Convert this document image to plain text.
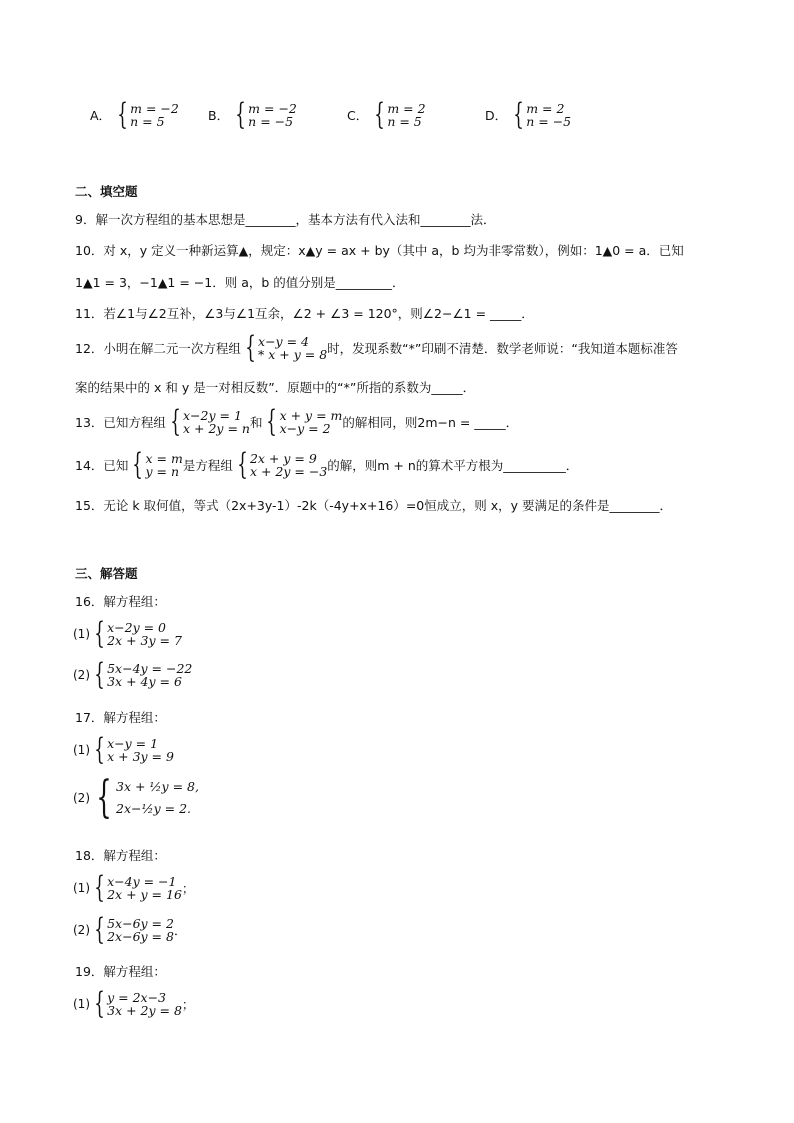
A． { m = −2
n = 5	B． { m = −2
n = −5	C． { m = 2
n = 5	D． { m = 2
n = −5
二、填空题
9．解一次方程组的基本思想是________，基本方法有代入法和________法．
10．对 x，y 定义一种新运算▲，规定：x▲y = ax + by（其中 a，b 均为非零常数），例如：1▲0 = a．已知
1▲1 = 3，−1▲1 = −1．则 a，b 的值分别是_________．
11．若∠1与∠2互补，∠3与∠1互余，∠2 + ∠3 = 120°，则∠2−∠1 = _____．
12．小明在解二元一次方程组 { x−y = 4
* x + y = 8 时，发现系数“*”印刷不清楚．数学老师说：“我知道本题标准答
案的结果中的 x 和 y 是一对相反数”．原题中的“*”所指的系数为_____．
13．已知方程组 { x−2y = 1
x + 2y = n 和 { x + y = m
x−y = 2 的解相同，则2m−n = _____．
14．已知 { x = m
y = n 是方程组 { 2x + y = 9
x + 2y = −3 的解，则m + n的算术平方根为__________．
15．无论 k 取何值，等式（2x+3y-1）-2k（-4y+x+16）=0恒成立，则 x，y 要满足的条件是________．
三、解答题
16．解方程组：
(1) { x−2y = 0
2x + 3y = 7
(2) { 5x−4y = −22
3x + 4y = 6
17．解方程组：
(1) { x−y = 1
x + 3y = 9
(2) { 3x + ½y = 8,
2x−½y = 2.
18．解方程组：
(1) { x−4y = −1
2x + y = 16 ；
(2) { 5x−6y = 2
2x−6y = 8 ．
19．解方程组：
(1) { y = 2x−3
3x + 2y = 8 ；
